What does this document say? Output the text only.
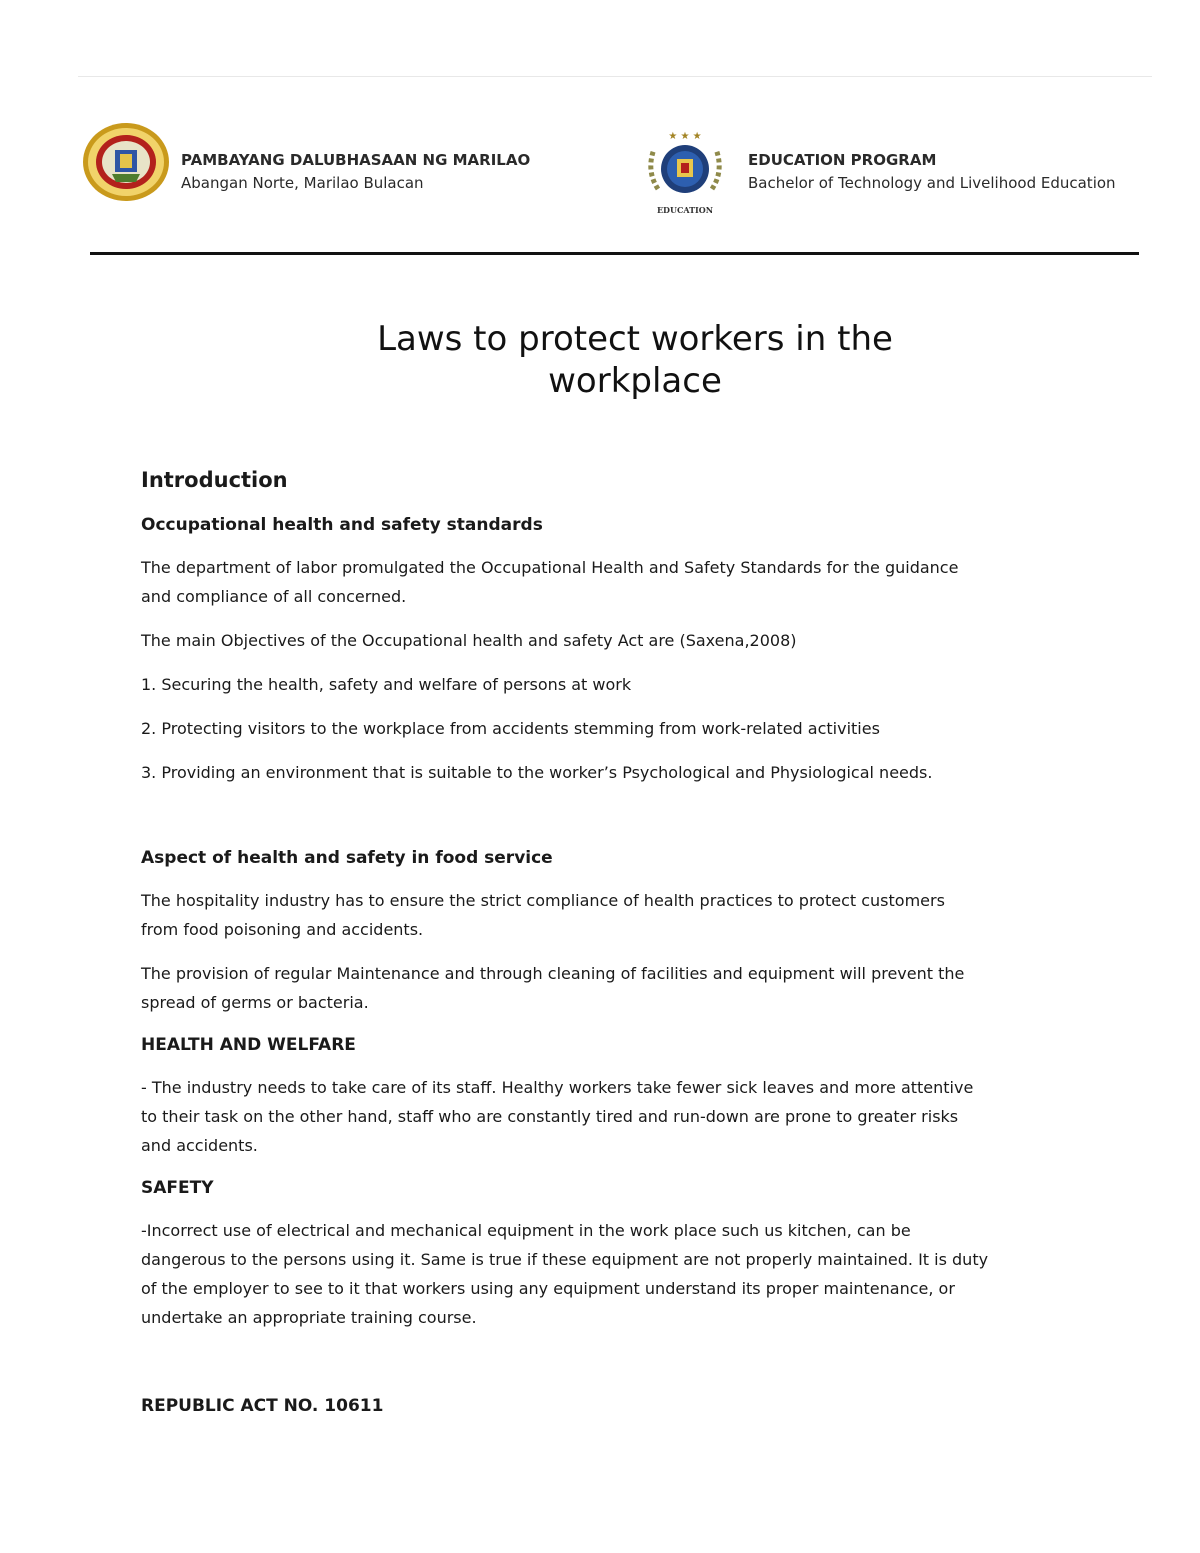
PAMBAYANG DALUBHASAAN NG MARILAO
Abangan Norte, Marilao Bulacan
★ ★ ★
EDUCATION
EDUCATION PROGRAM
Bachelor of Technology and Livelihood Education
Laws to protect workers in the
workplace
Introduction
Occupational health and safety standards
The department of labor promulgated the Occupational Health and Safety Standards for the guidance
and compliance of all concerned.
The main Objectives of the Occupational health and safety Act are (Saxena,2008)
1. Securing the health, safety and welfare of persons at work
2. Protecting visitors to the workplace from accidents stemming from work-related activities
3. Providing an environment that is suitable to the worker’s Psychological and Physiological needs.
Aspect of health and safety in food service
The hospitality industry has to ensure the strict compliance of health practices to protect customers
from food poisoning and accidents.
The provision of regular Maintenance and through cleaning of facilities and equipment will prevent the
spread of germs or bacteria.
HEALTH AND WELFARE
- The industry needs to take care of its staff. Healthy workers take fewer sick leaves and more attentive
to their task on the other hand, staff who are constantly tired and run-down are prone to greater risks
and accidents.
SAFETY
-Incorrect use of electrical and mechanical equipment in the work place such us kitchen, can be
dangerous to the persons using it. Same is true if these equipment are not properly maintained. It is duty
of the employer to see to it that workers using any equipment understand its proper maintenance, or
undertake an appropriate training course.
REPUBLIC ACT NO. 10611
